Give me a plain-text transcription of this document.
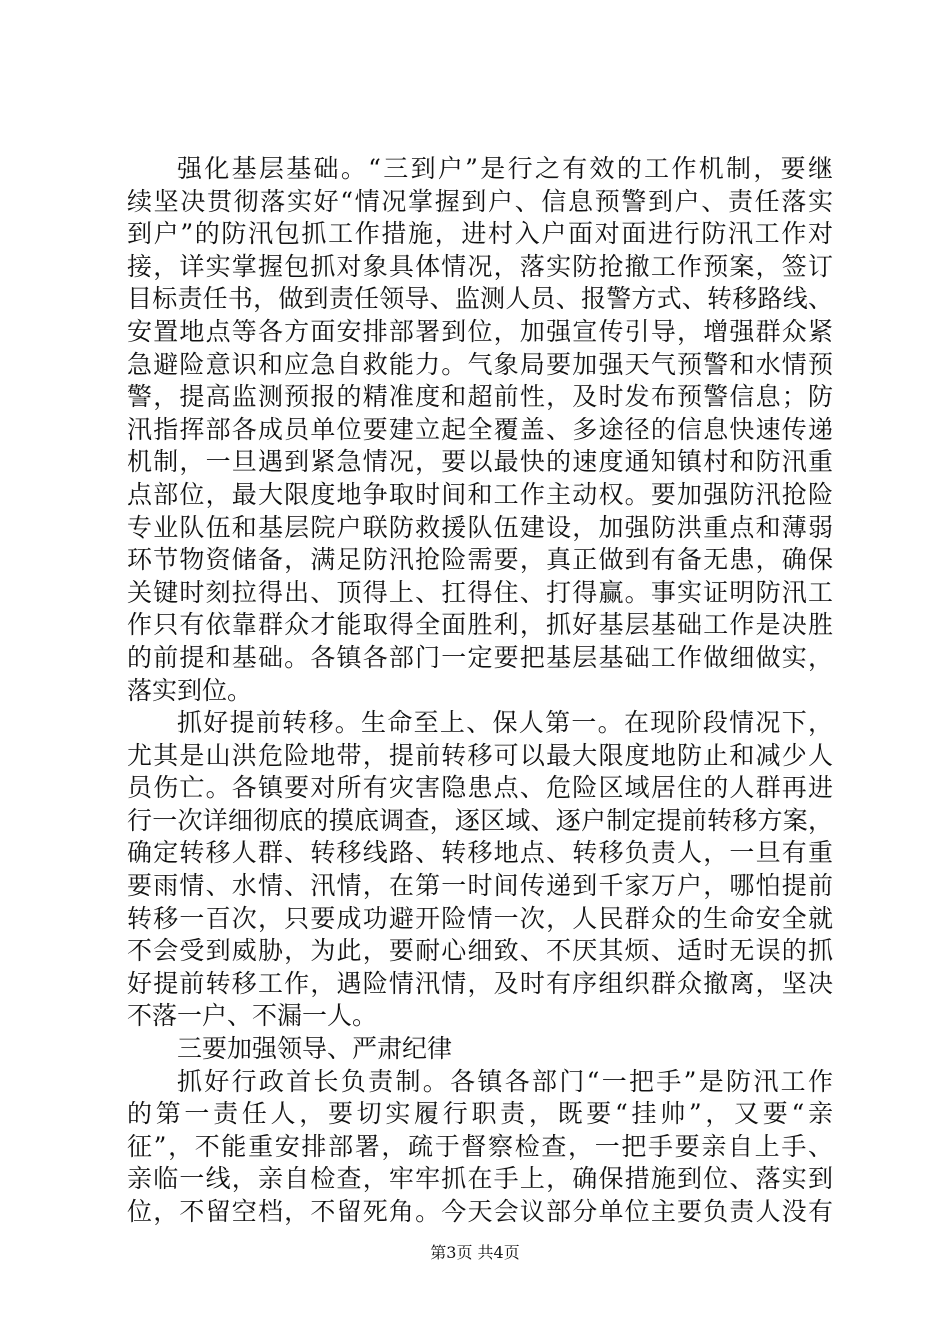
强化基层基础。“三到户”是行之有效的工作机制，要继
续坚决贯彻落实好“情况掌握到户、信息预警到户、责任落实
到户”的防汛包抓工作措施，进村入户面对面进行防汛工作对
接，详实掌握包抓对象具体情况，落实防抢撤工作预案，签订
目标责任书，做到责任领导、监测人员、报警方式、转移路线、
安置地点等各方面安排部署到位，加强宣传引导，增强群众紧
急避险意识和应急自救能力。气象局要加强天气预警和水情预
警，提高监测预报的精准度和超前性，及时发布预警信息；防
汛指挥部各成员单位要建立起全覆盖、多途径的信息快速传递
机制，一旦遇到紧急情况，要以最快的速度通知镇村和防汛重
点部位，最大限度地争取时间和工作主动权。要加强防汛抢险
专业队伍和基层院户联防救援队伍建设，加强防洪重点和薄弱
环节物资储备，满足防汛抢险需要，真正做到有备无患，确保
关键时刻拉得出、顶得上、扛得住、打得赢。事实证明防汛工
作只有依靠群众才能取得全面胜利，抓好基层基础工作是决胜
的前提和基础。各镇各部门一定要把基层基础工作做细做实，
落实到位。
抓好提前转移。生命至上、保人第一。在现阶段情况下，
尤其是山洪危险地带，提前转移可以最大限度地防止和减少人
员伤亡。各镇要对所有灾害隐患点、危险区域居住的人群再进
行一次详细彻底的摸底调查，逐区域、逐户制定提前转移方案，
确定转移人群、转移线路、转移地点、转移负责人，一旦有重
要雨情、水情、汛情，在第一时间传递到千家万户，哪怕提前
转移一百次，只要成功避开险情一次，人民群众的生命安全就
不会受到威胁，为此，要耐心细致、不厌其烦、适时无误的抓
好提前转移工作，遇险情汛情，及时有序组织群众撤离，坚决
不落一户、不漏一人。
三要加强领导、严肃纪律
抓好行政首长负责制。各镇各部门“一把手”是防汛工作
的第一责任人，要切实履行职责，既要“挂帅”，又要“亲
征”，不能重安排部署，疏于督察检查，一把手要亲自上手、
亲临一线，亲自检查，牢牢抓在手上，确保措施到位、落实到
位，不留空档，不留死角。今天会议部分单位主要负责人没有
第3页 共4页
